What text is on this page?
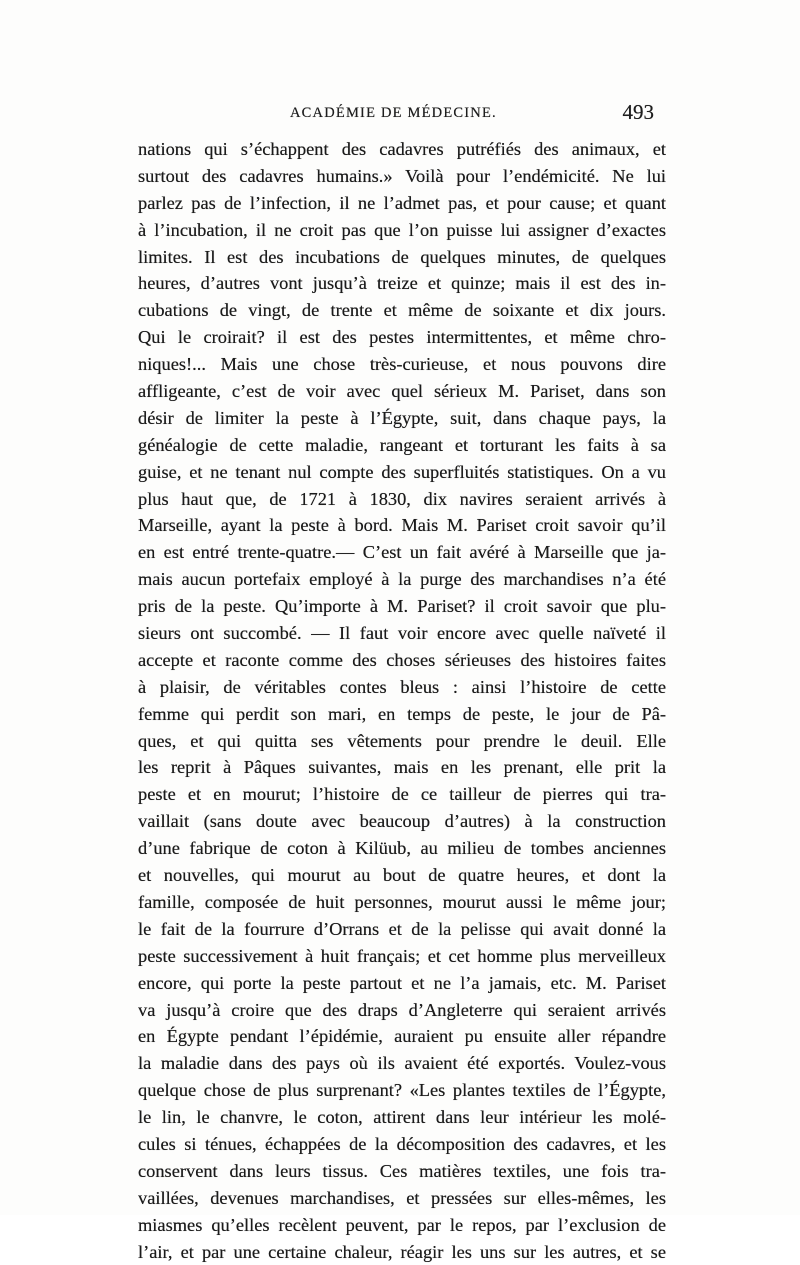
ACADÉMIE DE MÉDECINE.	493
nations qui s’échappent des cadavres putréfiés des animaux, et
surtout des cadavres humains.» Voilà pour l’endémicité. Ne lui
parlez pas de l’infection, il ne l’admet pas, et pour cause; et quant
à l’incubation, il ne croit pas que l’on puisse lui assigner d’exactes
limites. Il est des incubations de quelques minutes, de quelques
heures, d’autres vont jusqu’à treize et quinze; mais il est des in-
cubations de vingt, de trente et même de soixante et dix jours.
Qui le croirait? il est des pestes intermittentes, et même chro-
niques!... Mais une chose très-curieuse, et nous pouvons dire
affligeante, c’est de voir avec quel sérieux M. Pariset, dans son
désir de limiter la peste à l’Égypte, suit, dans chaque pays, la
généalogie de cette maladie, rangeant et torturant les faits à sa
guise, et ne tenant nul compte des superfluités statistiques. On a vu
plus haut que, de 1721 à 1830, dix navires seraient arrivés à
Marseille, ayant la peste à bord. Mais M. Pariset croit savoir qu’il
en est entré trente-quatre.— C’est un fait avéré à Marseille que ja-
mais aucun portefaix employé à la purge des marchandises n’a été
pris de la peste. Qu’importe à M. Pariset? il croit savoir que plu-
sieurs ont succombé. — Il faut voir encore avec quelle naïveté il
accepte et raconte comme des choses sérieuses des histoires faites
à plaisir, de véritables contes bleus : ainsi l’histoire de cette
femme qui perdit son mari, en temps de peste, le jour de Pâ-
ques, et qui quitta ses vêtements pour prendre le deuil. Elle
les reprit à Pâques suivantes, mais en les prenant, elle prit la
peste et en mourut; l’histoire de ce tailleur de pierres qui tra-
vaillait (sans doute avec beaucoup d’autres) à la construction
d’une fabrique de coton à Kilüub, au milieu de tombes anciennes
et nouvelles, qui mourut au bout de quatre heures, et dont la
famille, composée de huit personnes, mourut aussi le même jour;
le fait de la fourrure d’Orrans et de la pelisse qui avait donné la
peste successivement à huit français; et cet homme plus merveilleux
encore, qui porte la peste partout et ne l’a jamais, etc. M. Pariset
va jusqu’à croire que des draps d’Angleterre qui seraient arrivés
en Égypte pendant l’épidémie, auraient pu ensuite aller répandre
la maladie dans des pays où ils avaient été exportés. Voulez-vous
quelque chose de plus surprenant? «Les plantes textiles de l’Égypte,
le lin, le chanvre, le coton, attirent dans leur intérieur les molé-
cules si ténues, échappées de la décomposition des cadavres, et les
conservent dans leurs tissus. Ces matières textiles, une fois tra-
vaillées, devenues marchandises, et pressées sur elles-mêmes, les
miasmes qu’elles recèlent peuvent, par le repos, par l’exclusion de
l’air, et par une certaine chaleur, réagir les uns sur les autres, et se
